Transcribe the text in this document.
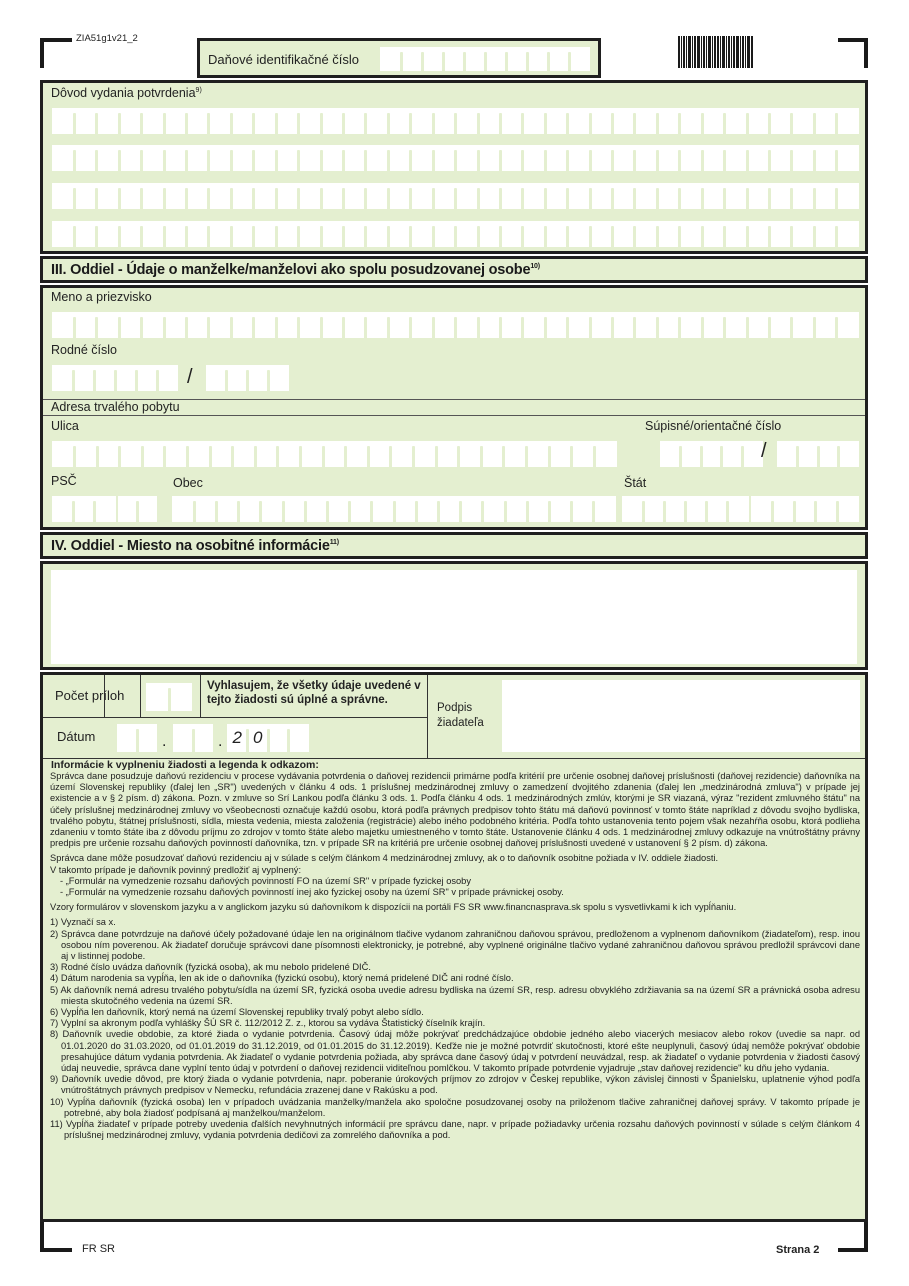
ZIA51g1v21_2
Daňové identifikačné číslo
Dôvod vydania potvrdenia$^{9)}$
III. Oddiel - Údaje o manželke/manželovi ako spolu posudzovanej osobe$^{10)}$
Meno a priezvisko
Rodné číslo
/
Adresa trvalého pobytu
Ulica	Súpisné/orientačné číslo
/
PSČ	Obec	Štát
IV. Oddiel - Miesto na osobitné informácie$^{11)}$
Počet príloh
Vyhlasujem, že všetky údaje uvedené v tejto žiadosti sú úplné a správne.
Dátum	.	. 2 0
Podpis žiadateľa
Informácie k vyplneniu žiadosti a legenda k odkazom:

Správca dane posudzuje daňovú rezidenciu v procese vydávania potvrdenia o daňovej rezidencii primárne podľa kritérií pre určenie osobnej daňovej príslušnosti (daňovej rezidencie) daňovníka na území Slovenskej republiky (ďalej len „SR") uvedených v článku 4 ods. 1 príslušnej medzinárodnej zmluvy o zamedzení dvojitého zdanenia (ďalej len „medzinárodná zmluva") v prípade jej existencie a v § 2 písm. d) zákona. Pozn. v zmluve so Srí Lankou podľa článku 3 ods. 1. Podľa článku 4 ods. 1 medzinárodných zmlúv, ktorými je SR viazaná, výraz "rezident zmluvného štátu" na účely príslušnej medzinárodnej zmluvy vo všeobecnosti označuje každú osobu, ktorá podľa právnych predpisov tohto štátu má daňovú povinnosť v tomto štáte napríklad z dôvodu svojho bydliska, trvalého pobytu, štátnej príslušnosti, sídla, miesta vedenia, miesta založenia (registrácie) alebo iného podobného kritéria. Podľa tohto ustanovenia tento pojem však nezahŕňa osobu, ktorá podlieha zdaneniu v tomto štáte iba z dôvodu príjmu zo zdrojov v tomto štáte alebo majetku umiestneného v tomto štáte. Ustanovenie článku 4 ods. 1 medzinárodnej zmluvy odkazuje na vnútroštátny právny predpis pre určenie rozsahu daňových povinností daňovníka, tzn. v prípade SR na kritériá pre určenie osobnej daňovej príslušnosti uvedené v ustanovení § 2 písm. d) zákona.

Správca dane môže posudzovať daňovú rezidenciu aj v súlade s celým článkom 4 medzinárodnej zmluvy, ak o to daňovník osobitne požiada v IV. oddiele žiadosti.

V takomto prípade je daňovník povinný predložiť aj vyplnený:

- „Formulár na vymedzenie rozsahu daňových povinností FO na území SR" v prípade fyzickej osoby

- „Formulár na vymedzenie rozsahu daňových povinností inej ako fyzickej osoby na území SR" v prípade právnickej osoby.

Vzory formulárov v slovenskom jazyku a v anglickom jazyku sú daňovníkom k dispozícii na portáli FS SR www.financnasprava.sk spolu s vysvetlivkami k ich vypĺňaniu.

1) Vyznačí sa x.

2) Správca dane potvrdzuje na daňové účely požadované údaje len na originálnom tlačive vydanom zahraničnou daňovou správou, predloženom a vyplnenom daňovníkom (žiadateľom), resp. inou osobou ním poverenou. Ak žiadateľ doručuje správcovi dane písomnosti elektronicky, je potrebné, aby vyplnené originálne tlačivo vydané zahraničnou daňovou správou predložil správcovi dane aj v listinnej podobe.

3) Rodné číslo uvádza daňovník (fyzická osoba), ak mu nebolo pridelené DIČ.

4) Dátum narodenia sa vypĺňa, len ak ide o daňovníka (fyzickú osobu), ktorý nemá pridelené DIČ ani rodné číslo.

5) Ak daňovník nemá adresu trvalého pobytu/sídla na území SR, fyzická osoba uvedie adresu bydliska na území SR, resp. adresu obvyklého zdržiavania sa na území SR a právnická osoba adresu miesta skutočného vedenia na území SR.

6) Vypĺňa len daňovník, ktorý nemá na území Slovenskej republiky trvalý pobyt alebo sídlo.

7) Vyplní sa akronym podľa vyhlášky ŠÚ SR č. 112/2012 Z. z., ktorou sa vydáva Štatistický číselník krajín.

8) Daňovník uvedie obdobie, za ktoré žiada o vydanie potvrdenia. Časový údaj môže pokrývať predchádzajúce obdobie jedného alebo viacerých mesiacov alebo rokov (uvedie sa napr. od 01.01.2020 do 31.03.2020, od 01.01.2019 do 31.12.2019, od 01.01.2015 do 31.12.2019). Keďže nie je možné potvrdiť skutočnosti, ktoré ešte neuplynuli, časový údaj nemôže pokrývať obdobie presahujúce dátum vydania potvrdenia. Ak žiadateľ o vydanie potvrdenia požiada, aby správca dane časový údaj v potvrdení neuvádzal, resp. ak žiadateľ o vydanie potvrdenia v žiadosti časový údaj neuvedie, správca dane vyplní tento údaj v potvrdení o daňovej rezidencii viditeľnou pomlčkou. V takomto prípade potvrdenie vyjadruje „stav daňovej rezidencie" ku dňu jeho vydania.

9) Daňovník uvedie dôvod, pre ktorý žiada o vydanie potvrdenia, napr. poberanie úrokových príjmov zo zdrojov v Českej republike, výkon závislej činnosti v Španielsku, uplatnenie výhod podľa vnútroštátnych právnych predpisov v Nemecku, refundácia zrazenej dane v Rakúsku a pod.

10) Vypĺňa daňovník (fyzická osoba) len v prípadoch uvádzania manželky/manžela ako spoločne posudzovanej osoby na priloženom tlačive zahraničnej daňovej správy. V takomto prípade je potrebné, aby bola žiadosť podpísaná aj manželkou/manželom.

11) Vypĺňa žiadateľ v prípade potreby uvedenia ďalších nevyhnutných informácií pre správcu dane, napr. v prípade požiadavky určenia rozsahu daňových povinností v súlade s celým článkom 4 príslušnej medzinárodnej zmluvy, vydania potvrdenia dedičovi za zomrelého daňovníka a pod.

FR SR	Strana 2
